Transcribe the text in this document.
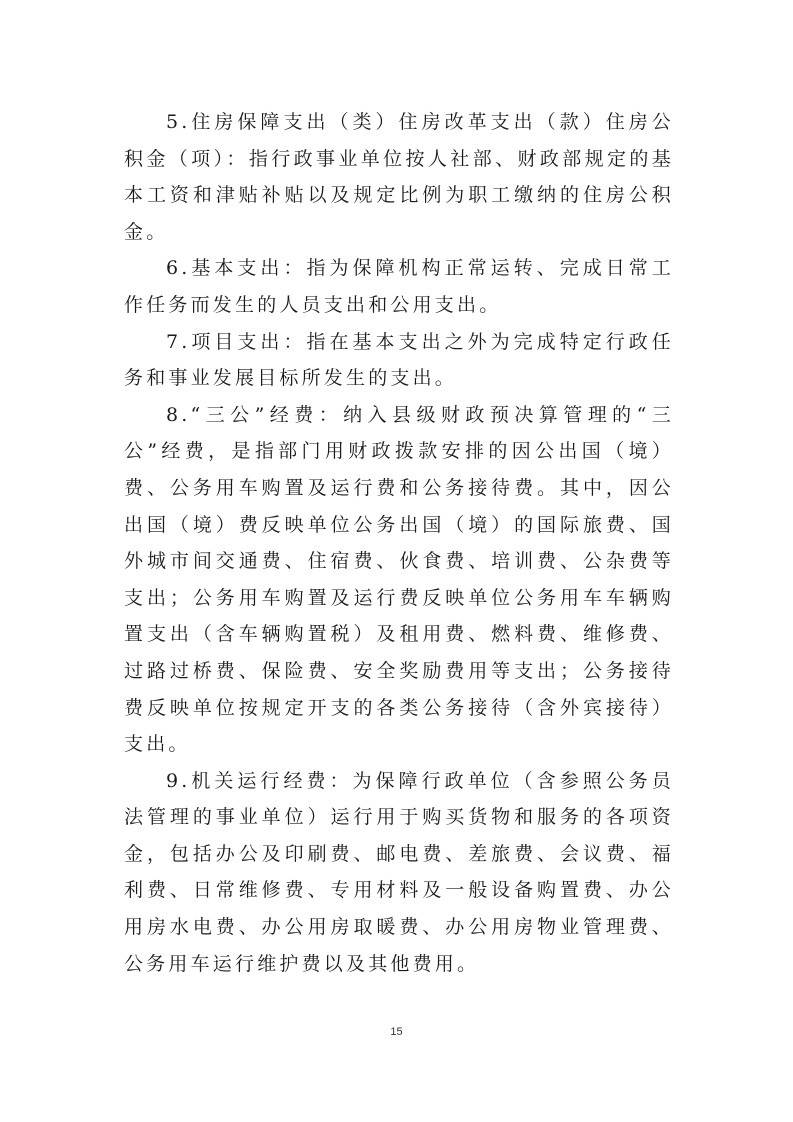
5.住房保障支出（类）住房改革支出（款）住房公积金（项）：指行政事业单位按人社部、财政部规定的基本工资和津贴补贴以及规定比例为职工缴纳的住房公积金。

6.基本支出：指为保障机构正常运转、完成日常工作任务而发生的人员支出和公用支出。

7.项目支出：指在基本支出之外为完成特定行政任务和事业发展目标所发生的支出。

8.“三公”经费：纳入县级财政预决算管理的“三公”经费，是指部门用财政拨款安排的因公出国（境）费、公务用车购置及运行费和公务接待费。其中，因公出国（境）费反映单位公务出国（境）的国际旅费、国外城市间交通费、住宿费、伙食费、培训费、公杂费等支出；公务用车购置及运行费反映单位公务用车车辆购置支出（含车辆购置税）及租用费、燃料费、维修费、过路过桥费、保险费、安全奖励费用等支出；公务接待费反映单位按规定开支的各类公务接待（含外宾接待）支出。

9.机关运行经费：为保障行政单位（含参照公务员法管理的事业单位）运行用于购买货物和服务的各项资金，包括办公及印刷费、邮电费、差旅费、会议费、福利费、日常维修费、专用材料及一般设备购置费、办公用房水电费、办公用房取暖费、办公用房物业管理费、公务用车运行维护费以及其他费用。

15
